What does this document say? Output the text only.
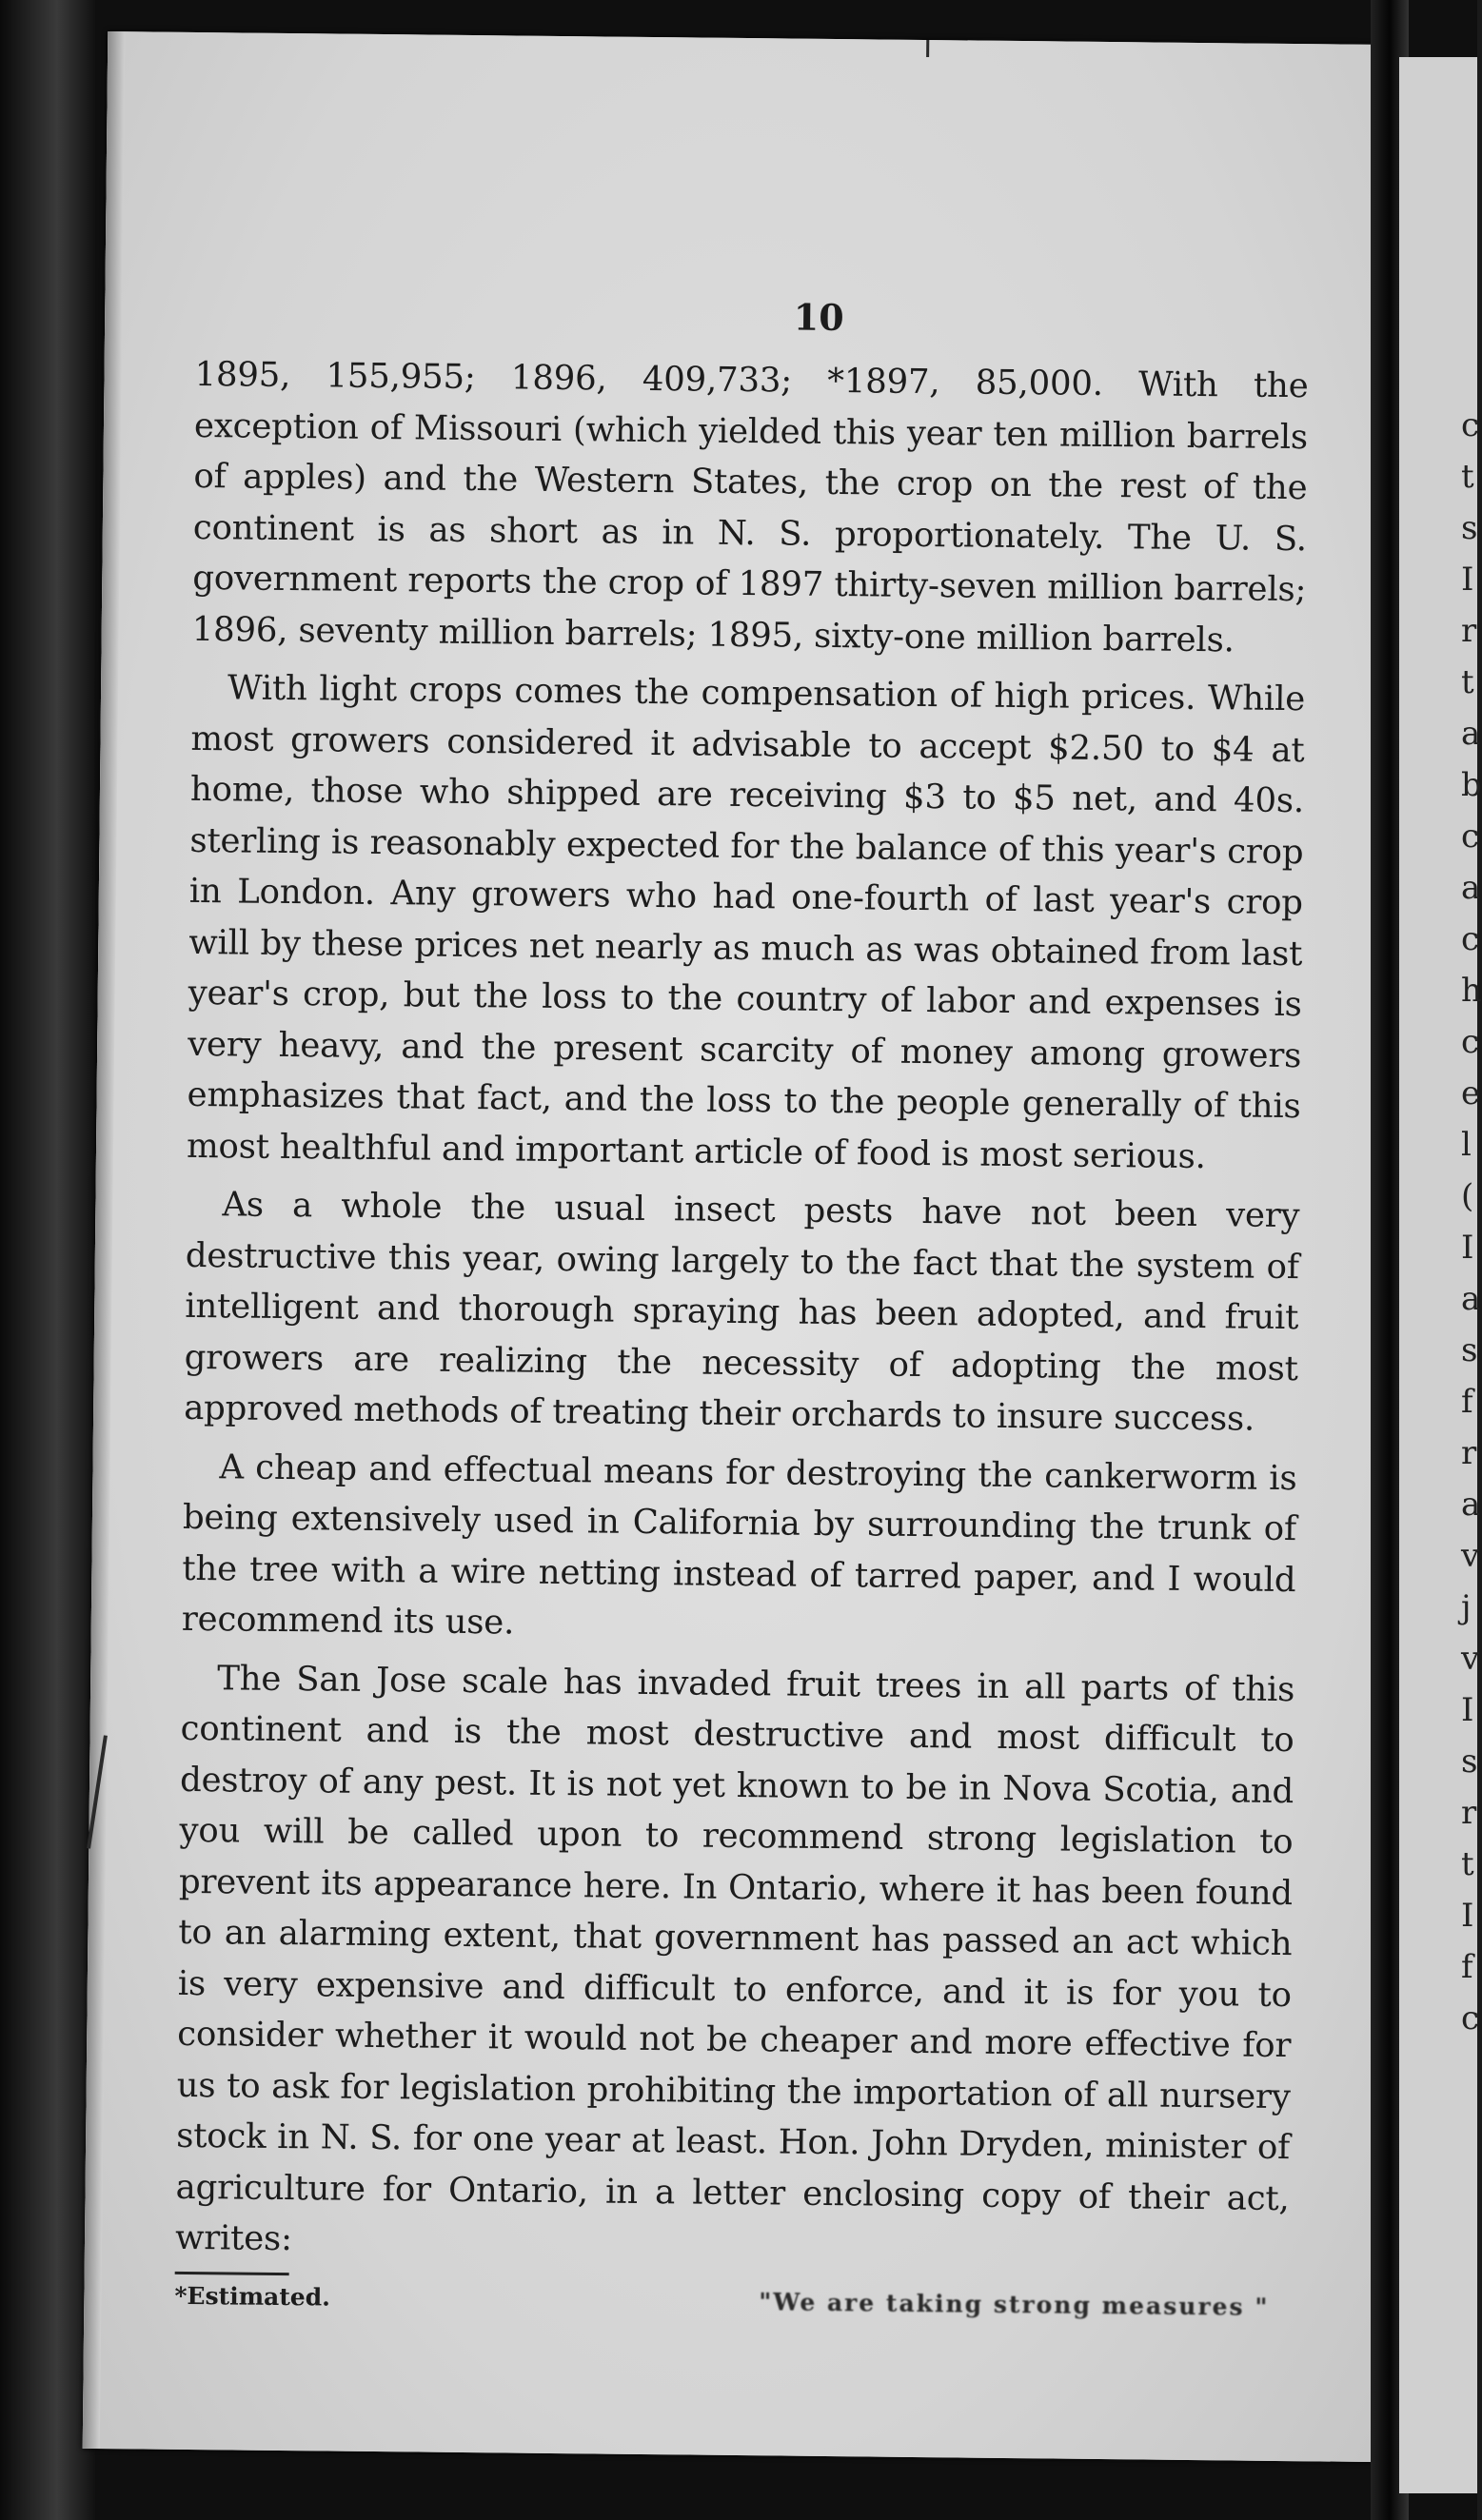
10

1895, 155,955; 1896, 409,733; *1897, 85,000. With the exception of Missouri (which yielded this year ten million barrels of apples) and the Western States, the crop on the rest of the continent is as short as in N. S. proportionately. The U. S. government reports the crop of 1897 thirty-seven million barrels; 1896, seventy million barrels; 1895, sixty-one million barrels.

With light crops comes the compensation of high prices. While most growers considered it advisable to accept $2.50 to $4 at home, those who shipped are receiving $3 to $5 net, and 40s. sterling is reasonably expected for the balance of this year's crop in London. Any growers who had one-fourth of last year's crop will by these prices net nearly as much as was obtained from last year's crop, but the loss to the country of labor and expenses is very heavy, and the present scarcity of money among growers emphasizes that fact, and the loss to the people generally of this most healthful and important article of food is most serious.

As a whole the usual insect pests have not been very destructive this year, owing largely to the fact that the system of intelligent and thorough spraying has been adopted, and fruit growers are realizing the necessity of adopting the most approved methods of treating their orchards to insure success.

A cheap and effectual means for destroying the cankerworm is being extensively used in California by surrounding the trunk of the tree with a wire netting instead of tarred paper, and I would recommend its use.

The San Jose scale has invaded fruit trees in all parts of this continent and is the most destructive and most difficult to destroy of any pest. It is not yet known to be in Nova Scotia, and you will be called upon to recommend strong legislation to prevent its appearance here. In Ontario, where it has been found to an alarming extent, that government has passed an act which is very expensive and difficult to enforce, and it is for you to consider whether it would not be cheaper and more effective for us to ask for legislation prohibiting the importation of all nursery stock in N. S. for one year at least. Hon. John Dryden, minister of agriculture for Ontario, in a letter enclosing copy of their act, writes:

*Estimated.	"We are taking strong measures "
c
t
s
I
r
t
a
b
c
a
c
h
c
e
l
(
I
a
s
f
r
a
v
j
v
I
s
r
t
I
f
c
